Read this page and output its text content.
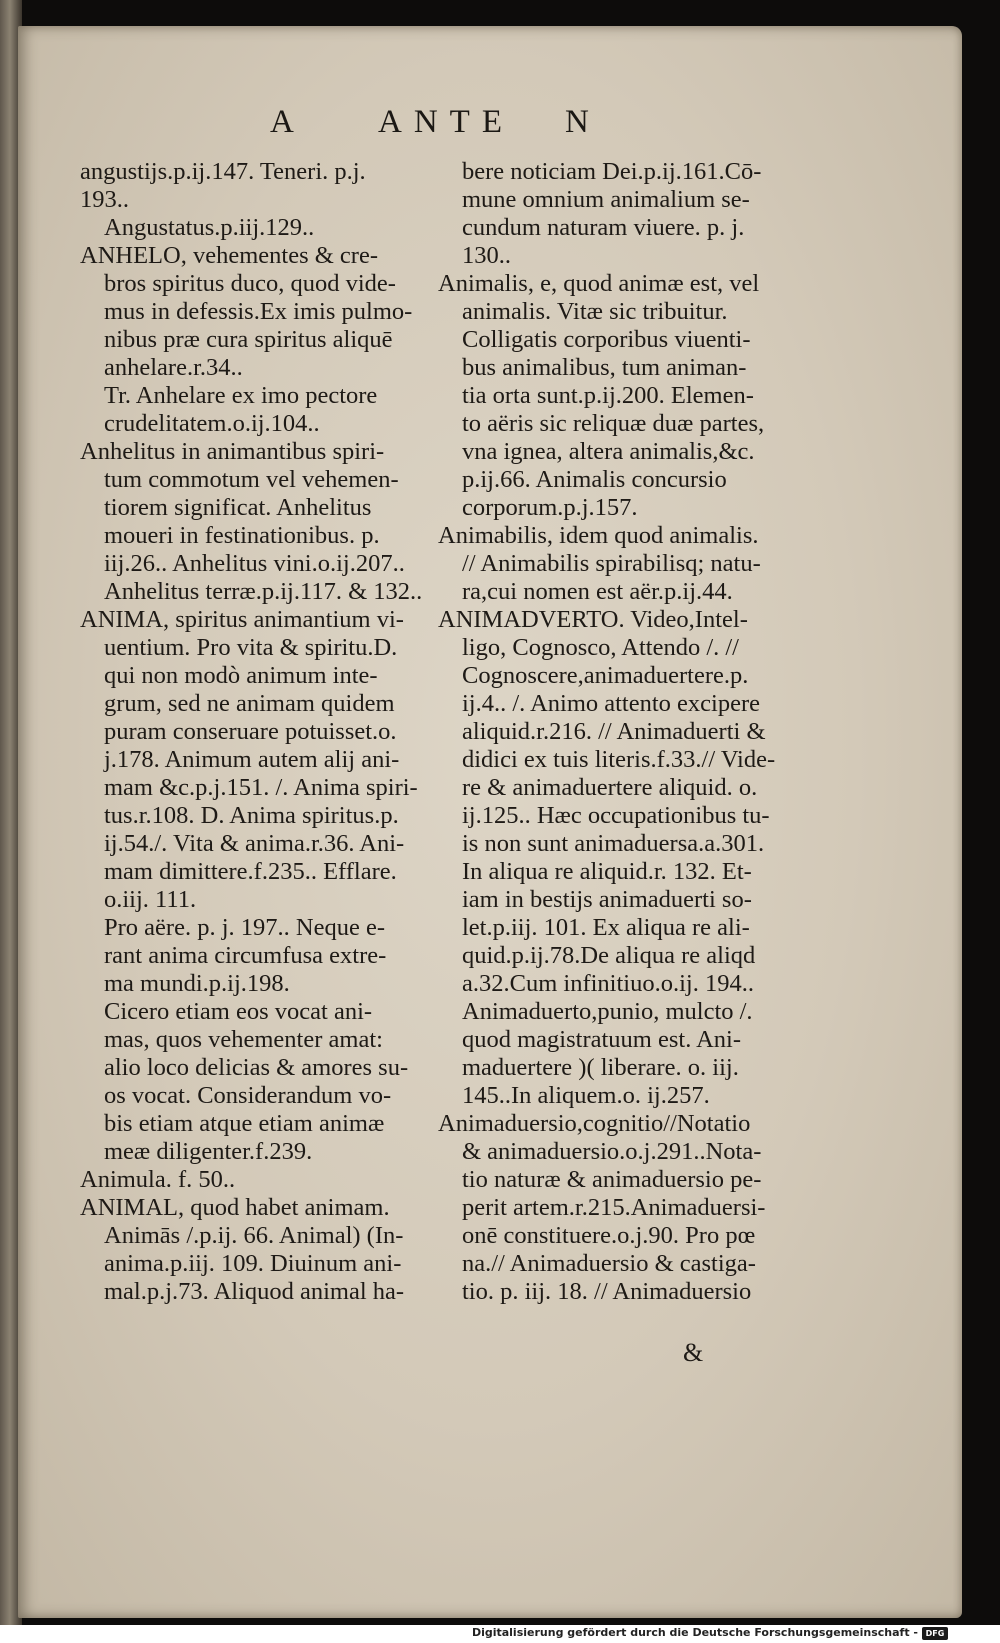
A ANTE N
angustijs.p.ij.147. Teneri. p.j.
193..
Angustatus.p.iij.129..
ANHELO, vehementes & cre-
bros spiritus duco, quod vide-
mus in defessis.Ex imis pulmo-
nibus præ cura spiritus aliquē
anhelare.r.34..
Tr. Anhelare ex imo pectore
crudelitatem.o.ij.104..
Anhelitus in animantibus spiri-
tum commotum vel vehemen-
tiorem significat. Anhelitus
moueri in festinationibus. p.
iij.26.. Anhelitus vini.o.ij.207..
Anhelitus terræ.p.ij.117. & 132..
ANIMA, spiritus animantium vi-
uentium. Pro vita & spiritu.D.
qui non modò animum inte-
grum, sed ne animam quidem
puram conseruare potuisset.o.
j.178. Animum autem alij ani-
mam &c.p.j.151. /. Anima spiri-
tus.r.108. D. Anima spiritus.p.
ij.54./. Vita & anima.r.36. Ani-
mam dimittere.f.235.. Efflare.
o.iij. 111.
Pro aëre. p. j. 197.. Neque e-
rant anima circumfusa extre-
ma mundi.p.ij.198.
Cicero etiam eos vocat ani-
mas, quos vehementer amat:
alio loco delicias & amores su-
os vocat. Considerandum vo-
bis etiam atque etiam animæ
meæ diligenter.f.239.
Animula. f. 50..
ANIMAL, quod habet animam.
Animās /.p.ij. 66. Animal) (In-
anima.p.iij. 109. Diuinum ani-
mal.p.j.73. Aliquod animal ha-
bere noticiam Dei.p.ij.161.Cō-
mune omnium animalium se-
cundum naturam viuere. p. j.
130..
Animalis, e, quod animæ est, vel
animalis. Vitæ sic tribuitur.
Colligatis corporibus viuenti-
bus animalibus, tum animan-
tia orta sunt.p.ij.200. Elemen-
to aëris sic reliquæ duæ partes,
vna ignea, altera animalis,&c.
p.ij.66. Animalis concursio
corporum.p.j.157.
Animabilis, idem quod animalis.
// Animabilis spirabilisq; natu-
ra,cui nomen est aër.p.ij.44.
ANIMADVERTO. Video,Intel-
ligo, Cognosco, Attendo /. //
Cognoscere,animaduertere.p.
ij.4.. /. Animo attento excipere
aliquid.r.216. // Animaduerti &
didici ex tuis literis.f.33.// Vide-
re & animaduertere aliquid. o.
ij.125.. Hæc occupationibus tu-
is non sunt animaduersa.a.301.
In aliqua re aliquid.r. 132. Et-
iam in bestijs animaduerti so-
let.p.iij. 101. Ex aliqua re ali-
quid.p.ij.78.De aliqua re aliqd
a.32.Cum infinitiuo.o.ij. 194..
Animaduerto,punio, mulcto /.
quod magistratuum est. Ani-
maduertere )( liberare. o. iij.
145..In aliquem.o. ij.257.
Animaduersio,cognitio//Notatio
& animaduersio.o.j.291..Nota-
tio naturæ & animaduersio pe-
perit artem.r.215.Animaduersi-
onē constituere.o.j.90. Pro pœ
na.// Animaduersio & castiga-
tio. p. iij. 18. // Animaduersio
&
Digitalisierung gefördert durch die Deutsche Forschungsgemeinschaft - DFG
